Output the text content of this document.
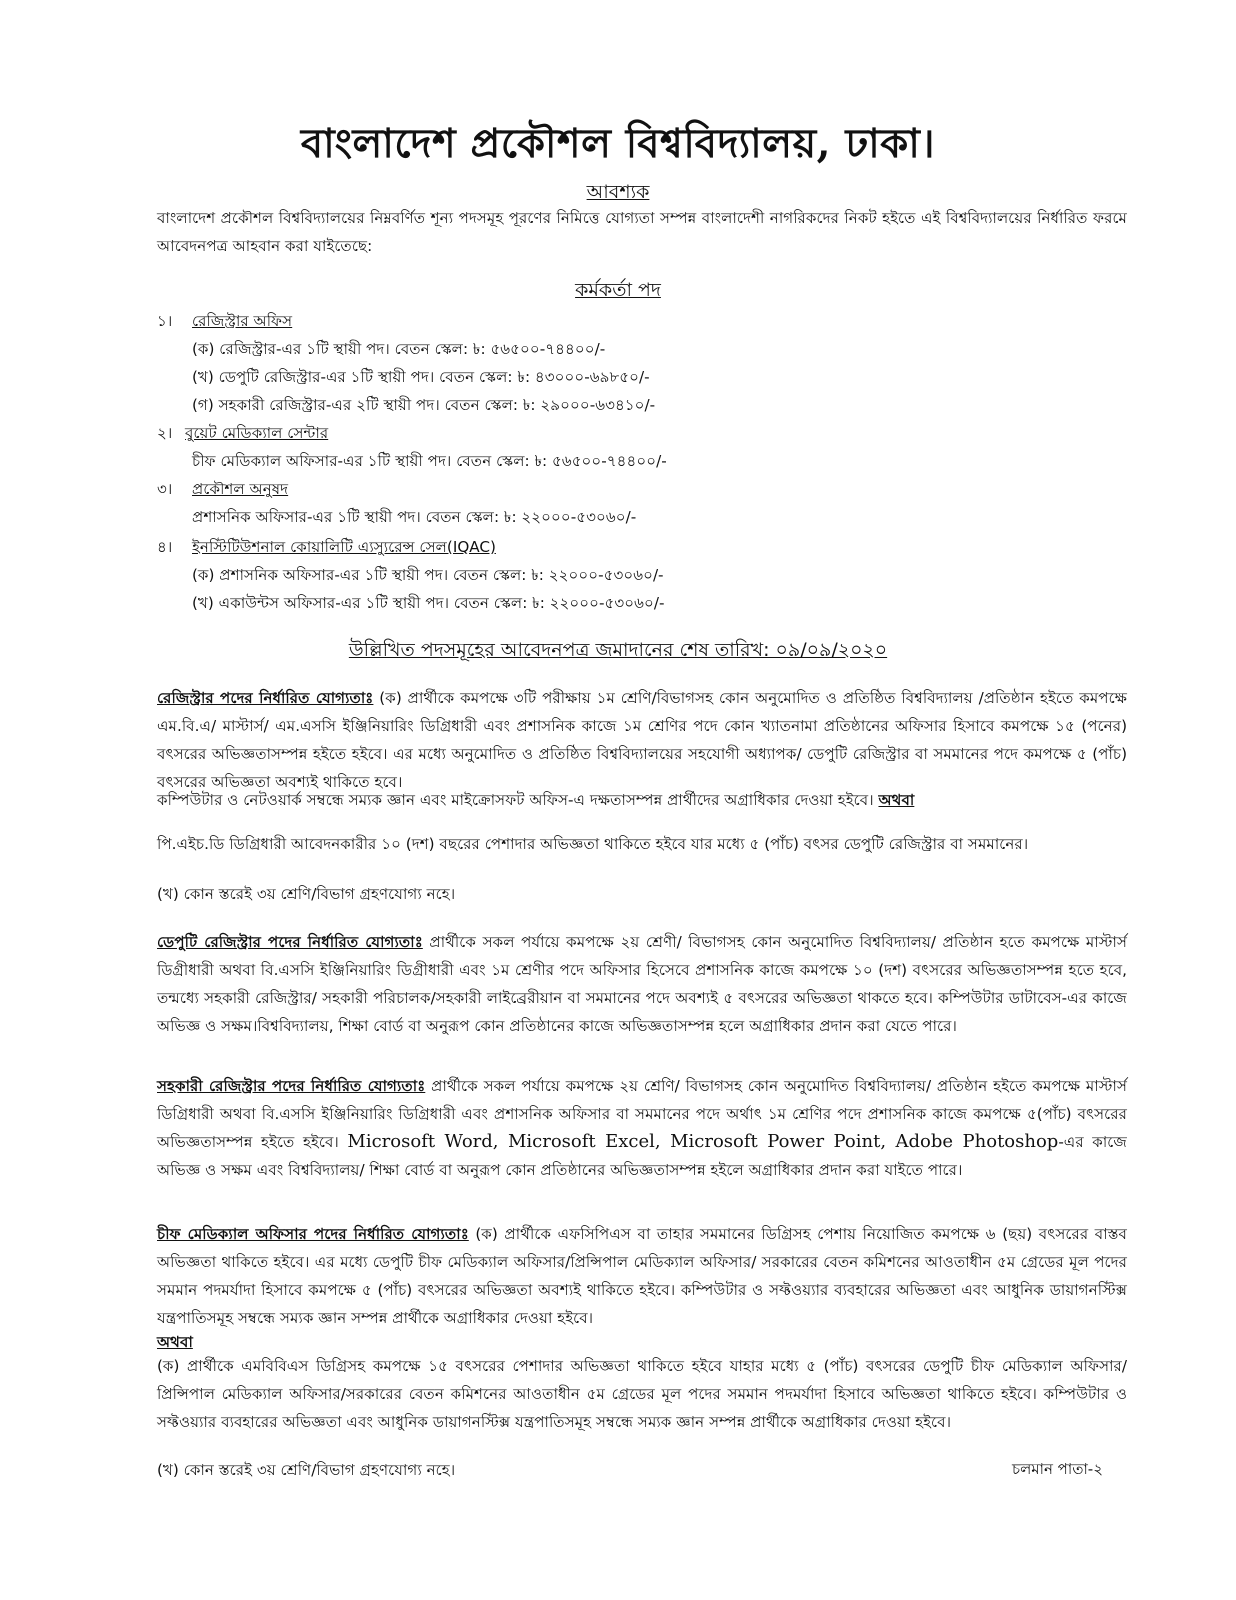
বাংলাদেশ প্রকৌশল বিশ্ববিদ্যালয়, ঢাকা।
আবশ্যক
বাংলাদেশ প্রকৌশল বিশ্ববিদ্যালয়ের নিম্নবর্ণিত শূন্য পদসমূহ পূরণের নিমিত্তে যোগ্যতা সম্পন্ন বাংলাদেশী নাগরিকদের নিকট হইতে এই বিশ্ববিদ্যালয়ের নির্ধারিত ফরমে আবেদনপত্র আহবান করা যাইতেছে:
কর্মকর্তা পদ
১। রেজিস্ট্রার অফিস
(ক) রেজিস্ট্রার-এর ১টি স্থায়ী পদ। বেতন স্কেল: ৳: ৫৬৫০০-৭৪৪০০/-
(খ) ডেপুটি রেজিস্ট্রার-এর ১টি স্থায়ী পদ। বেতন স্কেল: ৳: ৪৩০০০-৬৯৮৫০/-
(গ) সহকারী রেজিস্ট্রার-এর ২টি স্থায়ী পদ। বেতন স্কেল: ৳: ২৯০০০-৬৩৪১০/-
২। বুয়েট মেডিক্যাল সেন্টার
চীফ মেডিক্যাল অফিসার-এর ১টি স্থায়ী পদ। বেতন স্কেল: ৳: ৫৬৫০০-৭৪৪০০/-
৩। প্রকৌশল অনুষদ
প্রশাসনিক অফিসার-এর ১টি স্থায়ী পদ। বেতন স্কেল: ৳: ২২০০০-৫৩০৬০/-
৪। ইনস্টিটিউশনাল কোয়ালিটি এ্যস্যুরেন্স সেল(IQAC)
(ক) প্রশাসনিক অফিসার-এর ১টি স্থায়ী পদ। বেতন স্কেল: ৳: ২২০০০-৫৩০৬০/-
(খ) একাউন্টস অফিসার-এর ১টি স্থায়ী পদ। বেতন স্কেল: ৳: ২২০০০-৫৩০৬০/-
উল্লিখিত পদসমূহের আবেদনপত্র জমাদানের শেষ তারিখ: ০৯/০৯/২০২০
রেজিস্ট্রার পদের নির্ধারিত যোগ্যতাঃ (ক) প্রার্থীকে কমপক্ষে ৩টি পরীক্ষায় ১ম শ্রেণি/বিভাগসহ কোন অনুমোদিত ও প্রতিষ্ঠিত বিশ্ববিদ্যালয় /প্রতিষ্ঠান হইতে কমপক্ষে এম.বি.এ/ মাস্টার্স/ এম.এসসি ইঞ্জিনিয়ারিং ডিগ্রিধারী এবং প্রশাসনিক কাজে ১ম শ্রেণির পদে কোন খ্যাতনামা প্রতিষ্ঠানের অফিসার হিসাবে কমপক্ষে ১৫ (পনের) বৎসরের অভিজ্ঞতাসম্পন্ন হইতে হইবে। এর মধ্যে অনুমোদিত ও প্রতিষ্ঠিত বিশ্ববিদ্যালয়ের সহযোগী অধ্যাপক/ ডেপুটি রেজিস্ট্রার বা সমমানের পদে কমপক্ষে ৫ (পাঁচ) বৎসরের অভিজ্ঞতা অবশ্যই থাকিতে হবে।
কম্পিউটার ও নেটওয়ার্ক সম্বন্ধে সম্যক জ্ঞান এবং মাইক্রোসফট অফিস-এ দক্ষতাসম্পন্ন প্রার্থীদের অগ্রাধিকার দেওয়া হইবে। অথবা
পি.এইচ.ডি ডিগ্রিধারী আবেদনকারীর ১০ (দশ) বছরের পেশাদার অভিজ্ঞতা থাকিতে হইবে যার মধ্যে ৫ (পাঁচ) বৎসর ডেপুটি রেজিস্ট্রার বা সমমানের।
(খ) কোন স্তরেই ৩য় শ্রেণি/বিভাগ গ্রহণযোগ্য নহে।
ডেপুটি রেজিস্ট্রার পদের নির্ধারিত যোগ্যতাঃ প্রার্থীকে সকল পর্যায়ে কমপক্ষে ২য় শ্রেণী/ বিভাগসহ কোন অনুমোদিত বিশ্ববিদ্যালয়/ প্রতিষ্ঠান হতে কমপক্ষে মাস্টার্স ডিগ্রীধারী অথবা বি.এসসি ইঞ্জিনিয়ারিং ডিগ্রীধারী এবং ১ম শ্রেণীর পদে অফিসার হিসেবে প্রশাসনিক কাজে কমপক্ষে ১০ (দশ) বৎসরের অভিজ্ঞতাসম্পন্ন হতে হবে, তন্মধ্যে সহকারী রেজিস্ট্রার/ সহকারী পরিচালক/সহকারী লাইব্রেরীয়ান বা সমমানের পদে অবশ্যই ৫ বৎসরের অভিজ্ঞতা থাকতে হবে। কম্পিউটার ডাটাবেস-এর কাজে অভিজ্ঞ ও সক্ষম।বিশ্ববিদ্যালয়, শিক্ষা বোর্ড বা অনুরূপ কোন প্রতিষ্ঠানের কাজে অভিজ্ঞতাসম্পন্ন হলে অগ্রাধিকার প্রদান করা যেতে পারে।
সহকারী রেজিস্ট্রার পদের নির্ধারিত যোগ্যতাঃ প্রার্থীকে সকল পর্যায়ে কমপক্ষে ২য় শ্রেণি/ বিভাগসহ কোন অনুমোদিত বিশ্ববিদ্যালয়/ প্রতিষ্ঠান হইতে কমপক্ষে মাস্টার্স ডিগ্রিধারী অথবা বি.এসসি ইঞ্জিনিয়ারিং ডিগ্রিধারী এবং প্রশাসনিক অফিসার বা সমমানের পদে অর্থাৎ ১ম শ্রেণির পদে প্রশাসনিক কাজে কমপক্ষে ৫(পাঁচ) বৎসরের অভিজ্ঞতাসম্পন্ন হইতে হইবে। Microsoft Word, Microsoft Excel, Microsoft Power Point, Adobe Photoshop-এর কাজে অভিজ্ঞ ও সক্ষম এবং বিশ্ববিদ্যালয়/ শিক্ষা বোর্ড বা অনুরূপ কোন প্রতিষ্ঠানের অভিজ্ঞতাসম্পন্ন হইলে অগ্রাধিকার প্রদান করা যাইতে পারে।
চীফ মেডিক্যাল অফিসার পদের নির্ধারিত যোগ্যতাঃ (ক) প্রার্থীকে এফসিপিএস বা তাহার সমমানের ডিগ্রিসহ পেশায় নিয়োজিত কমপক্ষে ৬ (ছয়) বৎসরের বাস্তব অভিজ্ঞতা থাকিতে হইবে। এর মধ্যে ডেপুটি চীফ মেডিক্যাল অফিসার/প্রিন্সিপাল মেডিক্যাল অফিসার/ সরকারের বেতন কমিশনের আওতাধীন ৫ম গ্রেডের মূল পদের সমমান পদমর্যাদা হিসাবে কমপক্ষে ৫ (পাঁচ) বৎসরের অভিজ্ঞতা অবশ্যই থাকিতে হইবে। কম্পিউটার ও সফ্টওয়্যার ব্যবহারের অভিজ্ঞতা এবং আধুনিক ডায়াগনস্টিক্স যন্ত্রপাতিসমূহ সম্বন্ধে সম্যক জ্ঞান সম্পন্ন প্রার্থীকে অগ্রাধিকার দেওয়া হইবে।
অথবা
(ক) প্রার্থীকে এমবিবিএস ডিগ্রিসহ কমপক্ষে ১৫ বৎসরের পেশাদার অভিজ্ঞতা থাকিতে হইবে যাহার মধ্যে ৫ (পাঁচ) বৎসরের ডেপুটি চীফ মেডিক্যাল অফিসার/ প্রিন্সিপাল মেডিক্যাল অফিসার/সরকারের বেতন কমিশনের আওতাধীন ৫ম গ্রেডের মূল পদের সমমান পদমর্যাদা হিসাবে অভিজ্ঞতা থাকিতে হইবে। কম্পিউটার ও সফ্টওয়্যার ব্যবহারের অভিজ্ঞতা এবং আধুনিক ডায়াগনস্টিক্স যন্ত্রপাতিসমূহ সম্বন্ধে সম্যক জ্ঞান সম্পন্ন প্রার্থীকে অগ্রাধিকার দেওয়া হইবে।
(খ) কোন স্তরেই ৩য় শ্রেণি/বিভাগ গ্রহণযোগ্য নহে।	চলমান পাতা-২
